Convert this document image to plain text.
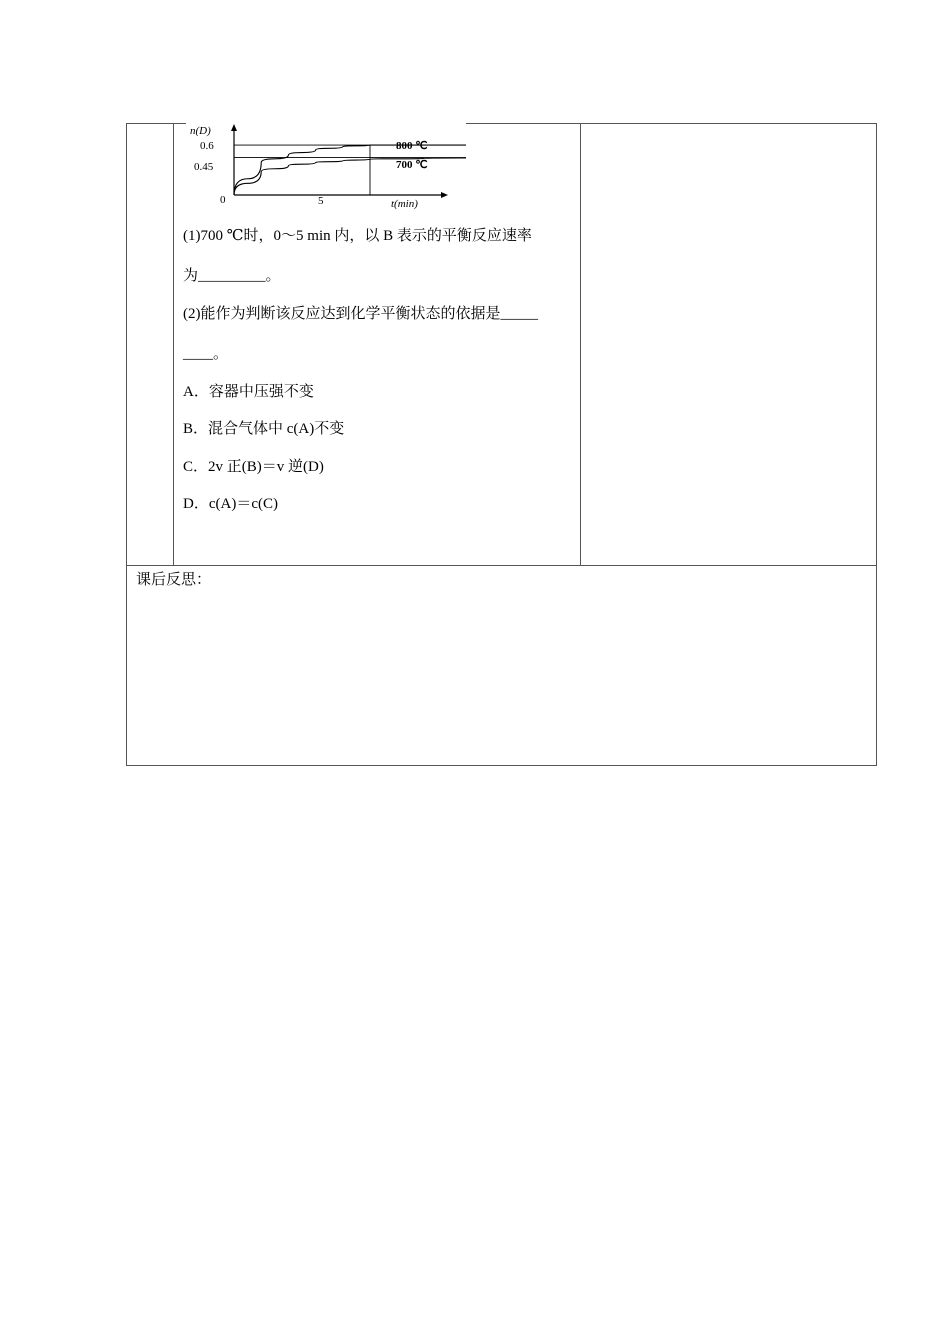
n(D)
0.6
0.45
0	5	t(min)
800 ℃
700 ℃
(1)700 ℃时，0～5 min 内，以 B 表示的平衡反应速率
为_________。
(2)能作为判断该反应达到化学平衡状态的依据是_____
____。
A．容器中压强不变
B．混合气体中 c(A)不变
C．2v 正(B)＝v 逆(D)
D．c(A)＝c(C)
课后反思：
